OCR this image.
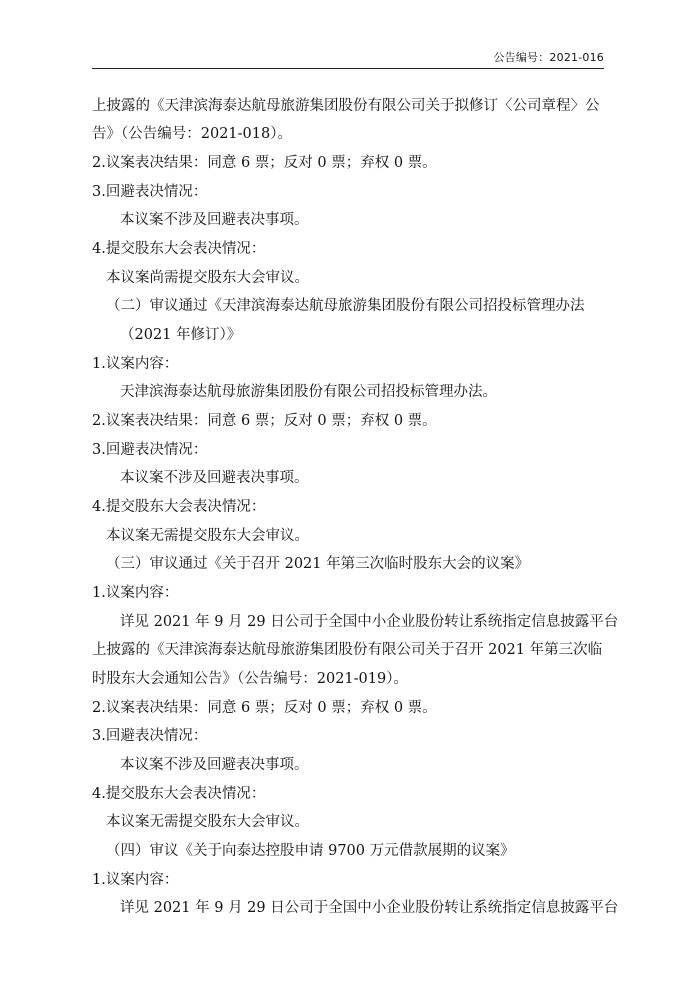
公告编号：2021-016
上披露的《天津滨海泰达航母旅游集团股份有限公司关于拟修订〈公司章程〉公
告》（公告编号：2021-018）。
2.议案表决结果：同意 6 票；反对 0 票；弃权 0 票。
3.回避表决情况：
本议案不涉及回避表决事项。
4.提交股东大会表决情况：
本议案尚需提交股东大会审议。
（二）审议通过《天津滨海泰达航母旅游集团股份有限公司招投标管理办法
（2021 年修订）》
1.议案内容：
天津滨海泰达航母旅游集团股份有限公司招投标管理办法。
2.议案表决结果：同意 6 票；反对 0 票；弃权 0 票。
3.回避表决情况：
本议案不涉及回避表决事项。
4.提交股东大会表决情况：
本议案无需提交股东大会审议。
（三）审议通过《关于召开 2021 年第三次临时股东大会的议案》
1.议案内容：
详见 2021 年 9 月 29 日公司于全国中小企业股份转让系统指定信息披露平台
上披露的《天津滨海泰达航母旅游集团股份有限公司关于召开 2021 年第三次临
时股东大会通知公告》（公告编号：2021-019）。
2.议案表决结果：同意 6 票；反对 0 票；弃权 0 票。
3.回避表决情况：
本议案不涉及回避表决事项。
4.提交股东大会表决情况：
本议案无需提交股东大会审议。
（四）审议《关于向泰达控股申请 9700 万元借款展期的议案》
1.议案内容：
详见 2021 年 9 月 29 日公司于全国中小企业股份转让系统指定信息披露平台
